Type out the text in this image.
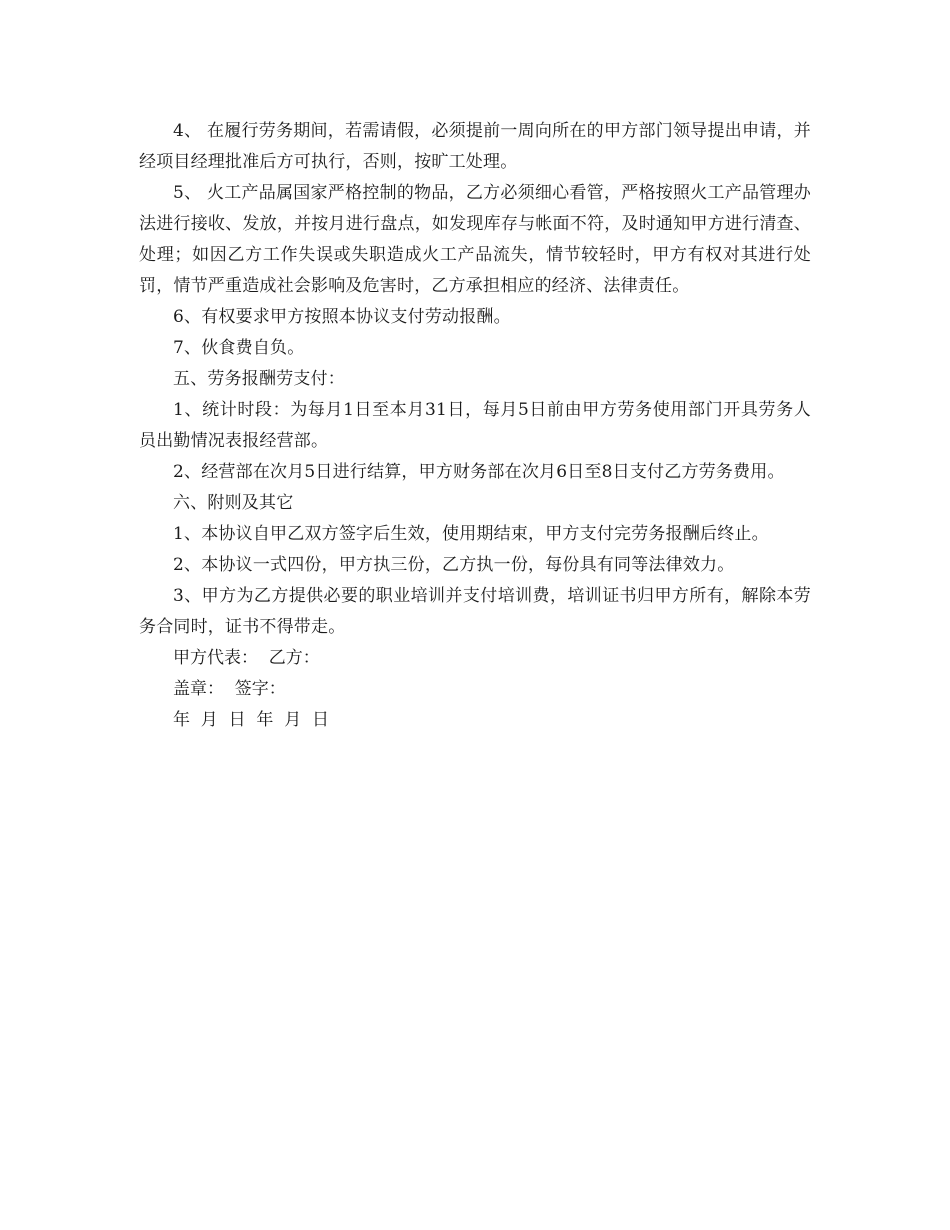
4、 在履行劳务期间，若需请假，必须提前一周向所在的甲方部门领导提出申请，并经项目经理批准后方可执行，否则，按旷工处理。

5、 火工产品属国家严格控制的物品，乙方必须细心看管，严格按照火工产品管理办法进行接收、发放，并按月进行盘点，如发现库存与帐面不符，及时通知甲方进行清查、处理；如因乙方工作失误或失职造成火工产品流失，情节较轻时，甲方有权对其进行处罚，情节严重造成社会影响及危害时，乙方承担相应的经济、法律责任。

6、有权要求甲方按照本协议支付劳动报酬。

7、伙食费自负。

五、劳务报酬劳支付：

1、统计时段：为每月1日至本月31日，每月5日前由甲方劳务使用部门开具劳务人员出勤情况表报经营部。

2、经营部在次月5日进行结算，甲方财务部在次月6日至8日支付乙方劳务费用。

六、附则及其它

1、本协议自甲乙双方签字后生效，使用期结束，甲方支付完劳务报酬后终止。

2、本协议一式四份，甲方执三份，乙方执一份，每份具有同等法律效力。

3、甲方为乙方提供必要的职业培训并支付培训费，培训证书归甲方所有，解除本劳务合同时，证书不得带走。

甲方代表：  乙方：

盖章：  签字：

年  月  日  年  月  日
